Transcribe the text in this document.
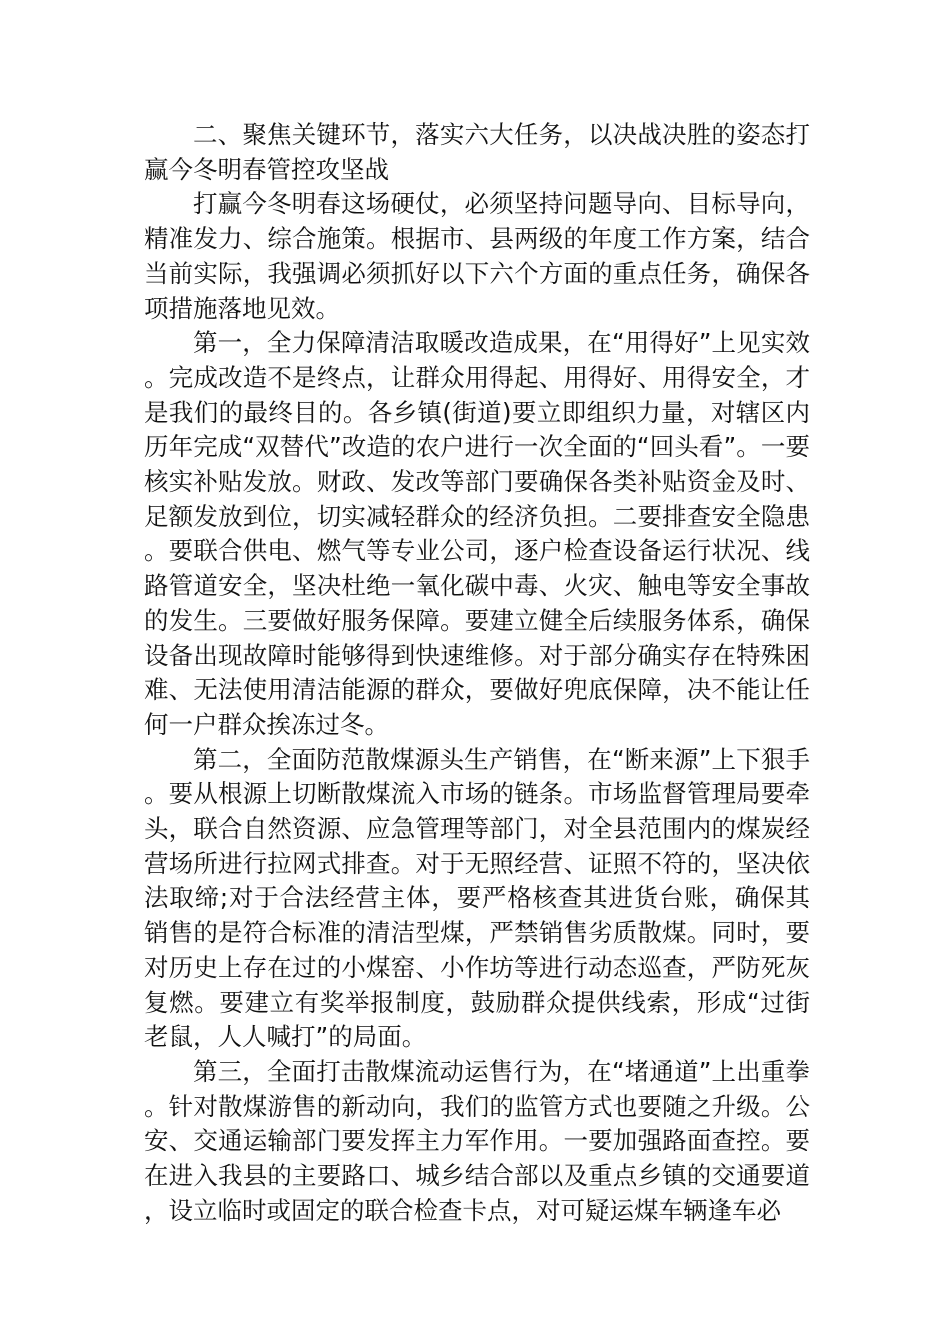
二、聚焦关键环节，落实六大任务，以决战决胜的姿态打赢今冬明春管控攻坚战

打赢今冬明春这场硬仗，必须坚持问题导向、目标导向，精准发力、综合施策。根据市、县两级的年度工作方案，结合当前实际，我强调必须抓好以下六个方面的重点任务，确保各项措施落地见效。

第一，全力保障清洁取暖改造成果，在“用得好”上见实效。完成改造不是终点，让群众用得起、用得好、用得安全，才是我们的最终目的。各乡镇(街道)要立即组织力量，对辖区内历年完成“双替代”改造的农户进行一次全面的“回头看”。一要核实补贴发放。财政、发改等部门要确保各类补贴资金及时、足额发放到位，切实减轻群众的经济负担。二要排查安全隐患。要联合供电、燃气等专业公司，逐户检查设备运行状况、线路管道安全，坚决杜绝一氧化碳中毒、火灾、触电等安全事故的发生。三要做好服务保障。要建立健全后续服务体系，确保设备出现故障时能够得到快速维修。对于部分确实存在特殊困难、无法使用清洁能源的群众，要做好兜底保障，决不能让任何一户群众挨冻过冬。

第二，全面防范散煤源头生产销售，在“断来源”上下狠手。要从根源上切断散煤流入市场的链条。市场监督管理局要牵头，联合自然资源、应急管理等部门，对全县范围内的煤炭经营场所进行拉网式排查。对于无照经营、证照不符的，坚决依法取缔;对于合法经营主体，要严格核查其进货台账，确保其销售的是符合标准的清洁型煤，严禁销售劣质散煤。同时，要对历史上存在过的小煤窑、小作坊等进行动态巡查，严防死灰复燃。要建立有奖举报制度，鼓励群众提供线索，形成“过街老鼠，人人喊打”的局面。

第三，全面打击散煤流动运售行为，在“堵通道”上出重拳。针对散煤游售的新动向，我们的监管方式也要随之升级。公安、交通运输部门要发挥主力军作用。一要加强路面查控。要在进入我县的主要路口、城乡结合部以及重点乡镇的交通要道，设立临时或固定的联合检查卡点，对可疑运煤车辆逢车必
